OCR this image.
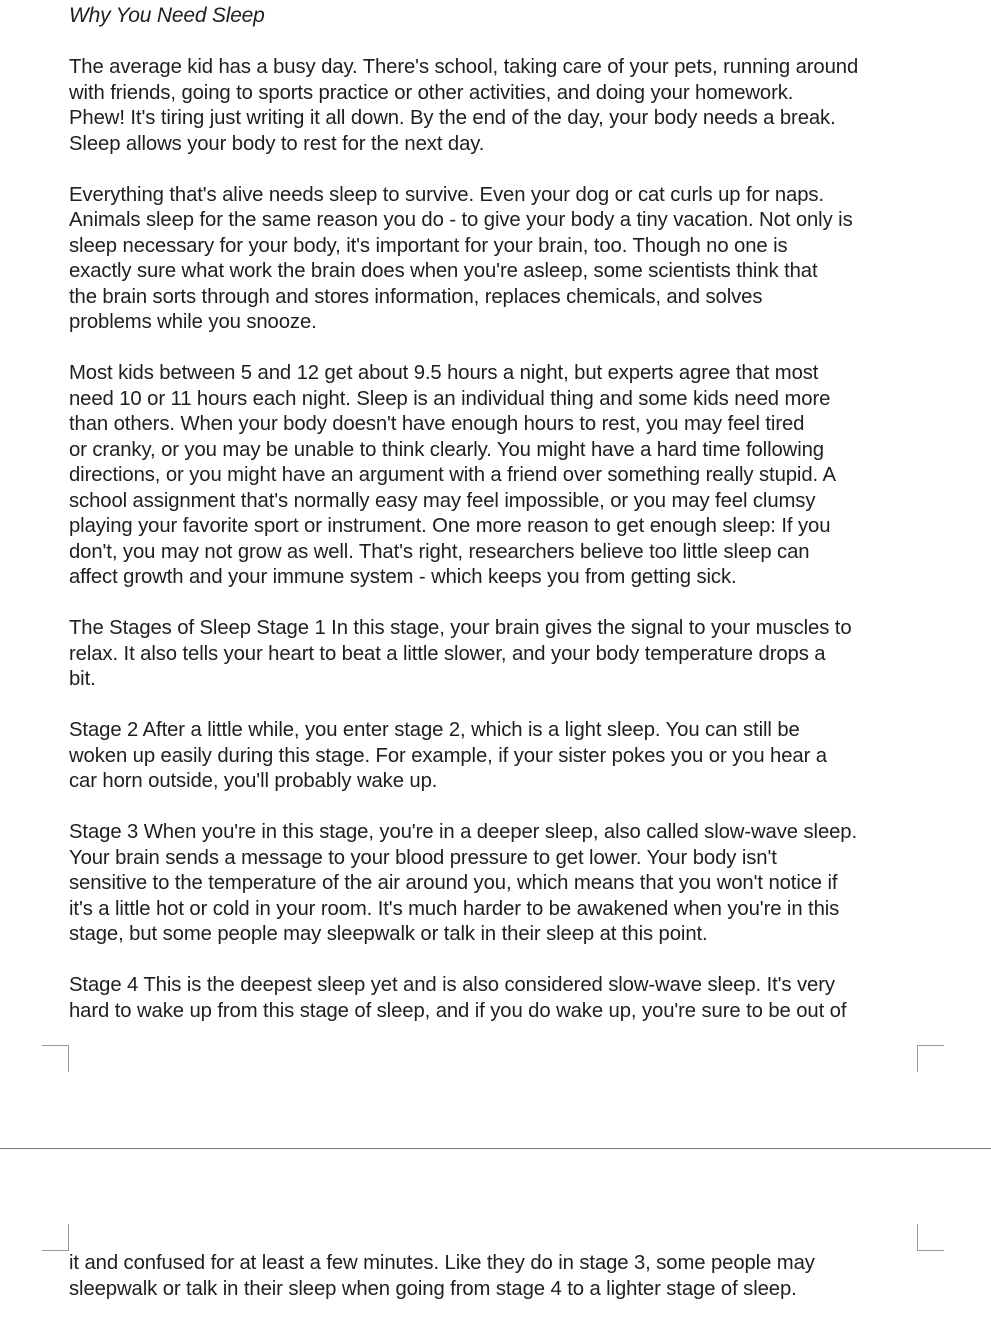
Why You Need Sleep

The average kid has a busy day. There's school, taking care of your pets, running around
with friends, going to sports practice or other activities, and doing your homework.
Phew! It's tiring just writing it all down. By the end of the day, your body needs a break.
Sleep allows your body to rest for the next day.

Everything that's alive needs sleep to survive. Even your dog or cat curls up for naps.
Animals sleep for the same reason you do - to give your body a tiny vacation. Not only is
sleep necessary for your body, it's important for your brain, too. Though no one is
exactly sure what work the brain does when you're asleep, some scientists think that
the brain sorts through and stores information, replaces chemicals, and solves
problems while you snooze.

Most kids between 5 and 12 get about 9.5 hours a night, but experts agree that most
need 10 or 11 hours each night. Sleep is an individual thing and some kids need more
than others. When your body doesn't have enough hours to rest, you may feel tired
or cranky, or you may be unable to think clearly. You might have a hard time following
directions, or you might have an argument with a friend over something really stupid. A
school assignment that's normally easy may feel impossible, or you may feel clumsy
playing your favorite sport or instrument. One more reason to get enough sleep: If you
don't, you may not grow as well. That's right, researchers believe too little sleep can
affect growth and your immune system - which keeps you from getting sick.

The Stages of Sleep Stage 1 In this stage, your brain gives the signal to your muscles to
relax. It also tells your heart to beat a little slower, and your body temperature drops a
bit.

Stage 2 After a little while, you enter stage 2, which is a light sleep. You can still be
woken up easily during this stage. For example, if your sister pokes you or you hear a
car horn outside, you'll probably wake up.

Stage 3 When you're in this stage, you're in a deeper sleep, also called slow-wave sleep.
Your brain sends a message to your blood pressure to get lower. Your body isn't
sensitive to the temperature of the air around you, which means that you won't notice if
it's a little hot or cold in your room. It's much harder to be awakened when you're in this
stage, but some people may sleepwalk or talk in their sleep at this point.

Stage 4 This is the deepest sleep yet and is also considered slow-wave sleep. It's very
hard to wake up from this stage of sleep, and if you do wake up, you're sure to be out of

it and confused for at least a few minutes. Like they do in stage 3, some people may
sleepwalk or talk in their sleep when going from stage 4 to a lighter stage of sleep.
